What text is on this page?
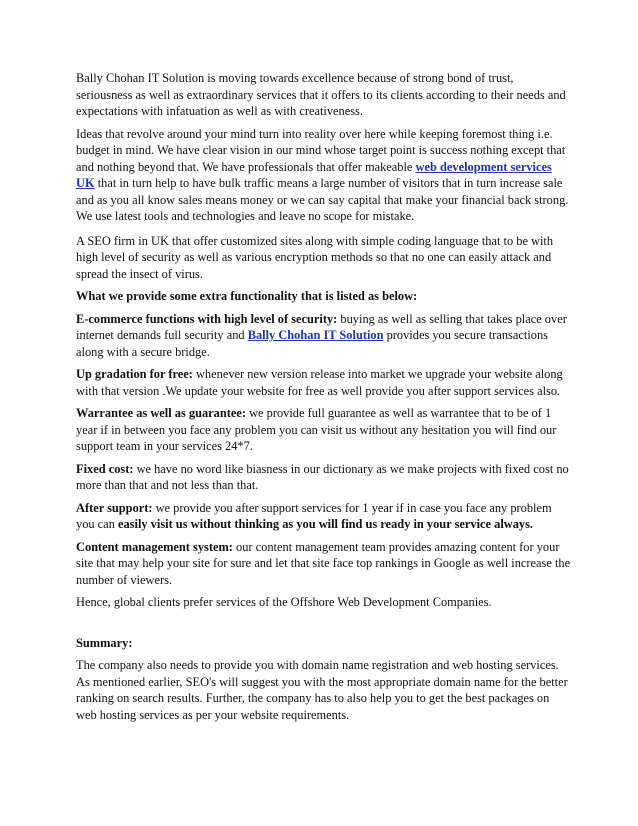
Bally Chohan IT Solution is moving towards excellence because of strong bond of trust, seriousness as well as extraordinary services that it offers to its clients according to their needs and expectations with infatuation as well as with creativeness.

Ideas that revolve around your mind turn into reality over here while keeping foremost thing i.e. budget in mind. We have clear vision in our mind whose target point is success nothing except that and nothing beyond that. We have professionals that offer makeable web development services UK that in turn help to have bulk traffic means a large number of visitors that in turn increase sale and as you all know sales means money or we can say capital that make your financial back strong. We use latest tools and technologies and leave no scope for mistake.

A SEO firm in UK that offer customized sites along with simple coding language that to be with high level of security as well as various encryption methods so that no one can easily attack and spread the insect of virus.

What we provide some extra functionality that is listed as below:

E-commerce functions with high level of security: buying as well as selling that takes place over internet demands full security and Bally Chohan IT Solution provides you secure transactions along with a secure bridge.

Up gradation for free: whenever new version release into market we upgrade your website along with that version .We update your website for free as well provide you after support services also.

Warrantee as well as guarantee: we provide full guarantee as well as warrantee that to be of 1 year if in between you face any problem you can visit us without any hesitation you will find our support team in your services 24*7.

Fixed cost: we have no word like biasness in our dictionary as we make projects with fixed cost no more than that and not less than that.

After support: we provide you after support services for 1 year if in case you face any problem you can easily visit us without thinking as you will find us ready in your service always.

Content management system: our content management team provides amazing content for your site that may help your site for sure and let that site face top rankings in Google as well increase the number of viewers.

Hence, global clients prefer services of the Offshore Web Development Companies.

Summary:

The company also needs to provide you with domain name registration and web hosting services. As mentioned earlier, SEO's will suggest you with the most appropriate domain name for the better ranking on search results. Further, the company has to also help you to get the best packages on web hosting services as per your website requirements.
